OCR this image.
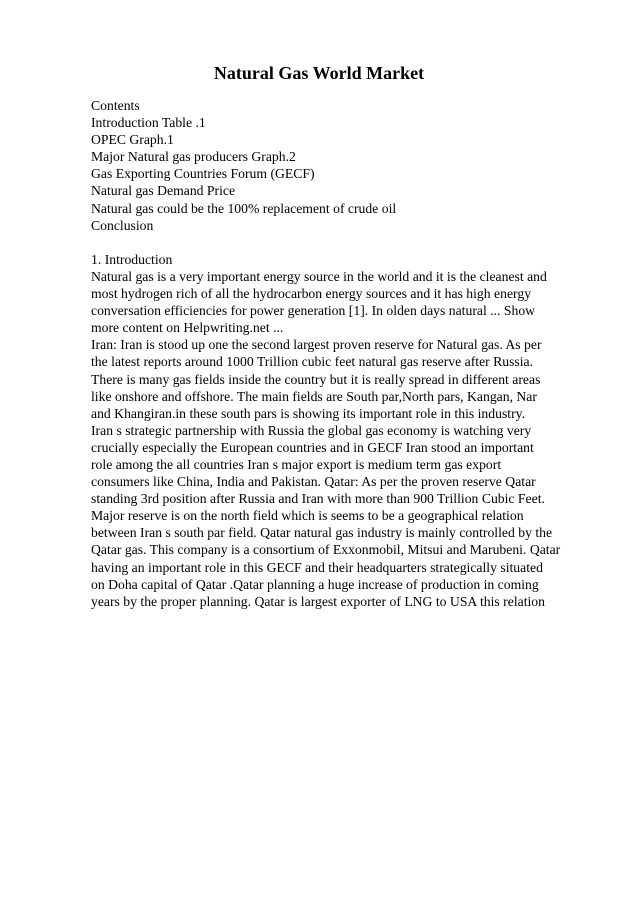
Natural Gas World Market
Contents
Introduction Table .1
OPEC Graph.1
Major Natural gas producers Graph.2
Gas Exporting Countries Forum (GECF)
Natural gas Demand Price
Natural gas could be the 100% replacement of crude oil
Conclusion
1. Introduction
Natural gas is a very important energy source in the world and it is the cleanest and
most hydrogen rich of all the hydrocarbon energy sources and it has high energy
conversation efficiencies for power generation [1]. In olden days natural ... Show
more content on Helpwriting.net ...
Iran: Iran is stood up one the second largest proven reserve for Natural gas. As per
the latest reports around 1000 Trillion cubic feet natural gas reserve after Russia.
There is many gas fields inside the country but it is really spread in different areas
like onshore and offshore. The main fields are South par,North pars, Kangan, Nar
and Khangiran.in these south pars is showing its important role in this industry.
Iran s strategic partnership with Russia the global gas economy is watching very
crucially especially the European countries and in GECF Iran stood an important
role among the all countries Iran s major export is medium term gas export
consumers like China, India and Pakistan. Qatar: As per the proven reserve Qatar
standing 3rd position after Russia and Iran with more than 900 Trillion Cubic Feet.
Major reserve is on the north field which is seems to be a geographical relation
between Iran s south par field. Qatar natural gas industry is mainly controlled by the
Qatar gas. This company is a consortium of Exxonmobil, Mitsui and Marubeni. Qatar
having an important role in this GECF and their headquarters strategically situated
on Doha capital of Qatar .Qatar planning a huge increase of production in coming
years by the proper planning. Qatar is largest exporter of LNG to USA this relation
